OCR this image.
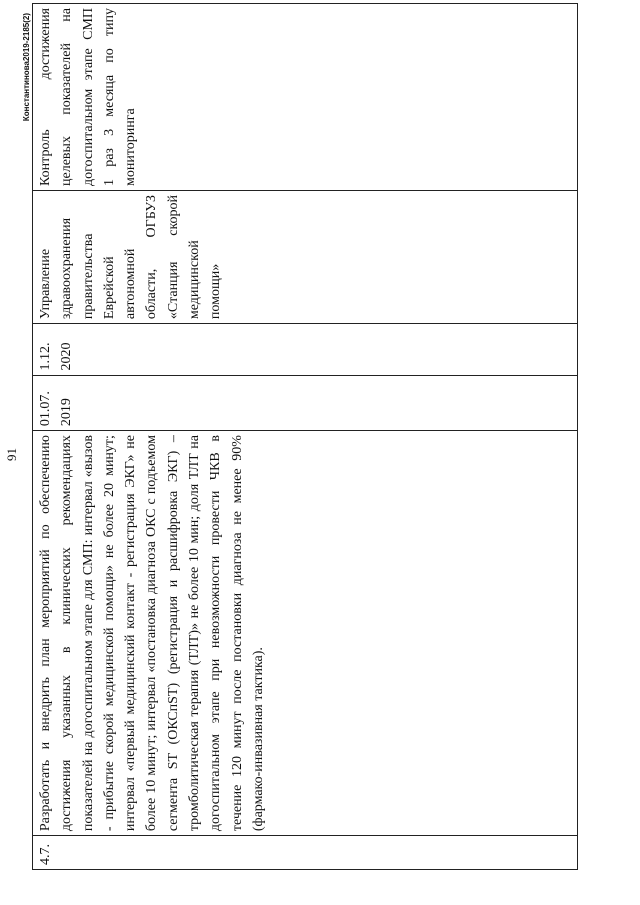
91
4.7.	Разработать и внедрить план мероприятий по обеспечению достижения указанных в клинических рекомендациях показателей на догоспитальном этапе для СМП: интервал «вызов - прибытие скорой медицинской помощи» не более 20 минут; интервал «первый медицинский контакт - регистрация ЭКГ» не более 10 минут; интервал «постановка диагноза ОКС с подъемом сегмента ST (ОКСпST) (регистрация и расшифровка ЭКГ) – тромболитическая терапия (ТЛТ)» не более 10 мин; доля ТЛТ на догоспитальном этапе при невозможности провести ЧКВ в течение 120 минут после постановки диагноза не менее 90% (фармако-инвазивная тактика).	01.07. 2019	1.12. 2020	Управление здравоохранения правительства Еврейской автономной области, ОГБУЗ «Станция скорой медицинской помощи»	Контроль достижения целевых показателей на догоспитальном этапе СМП 1 раз 3 месяца по типу мониторинга
Константинова2019-2185(2)
